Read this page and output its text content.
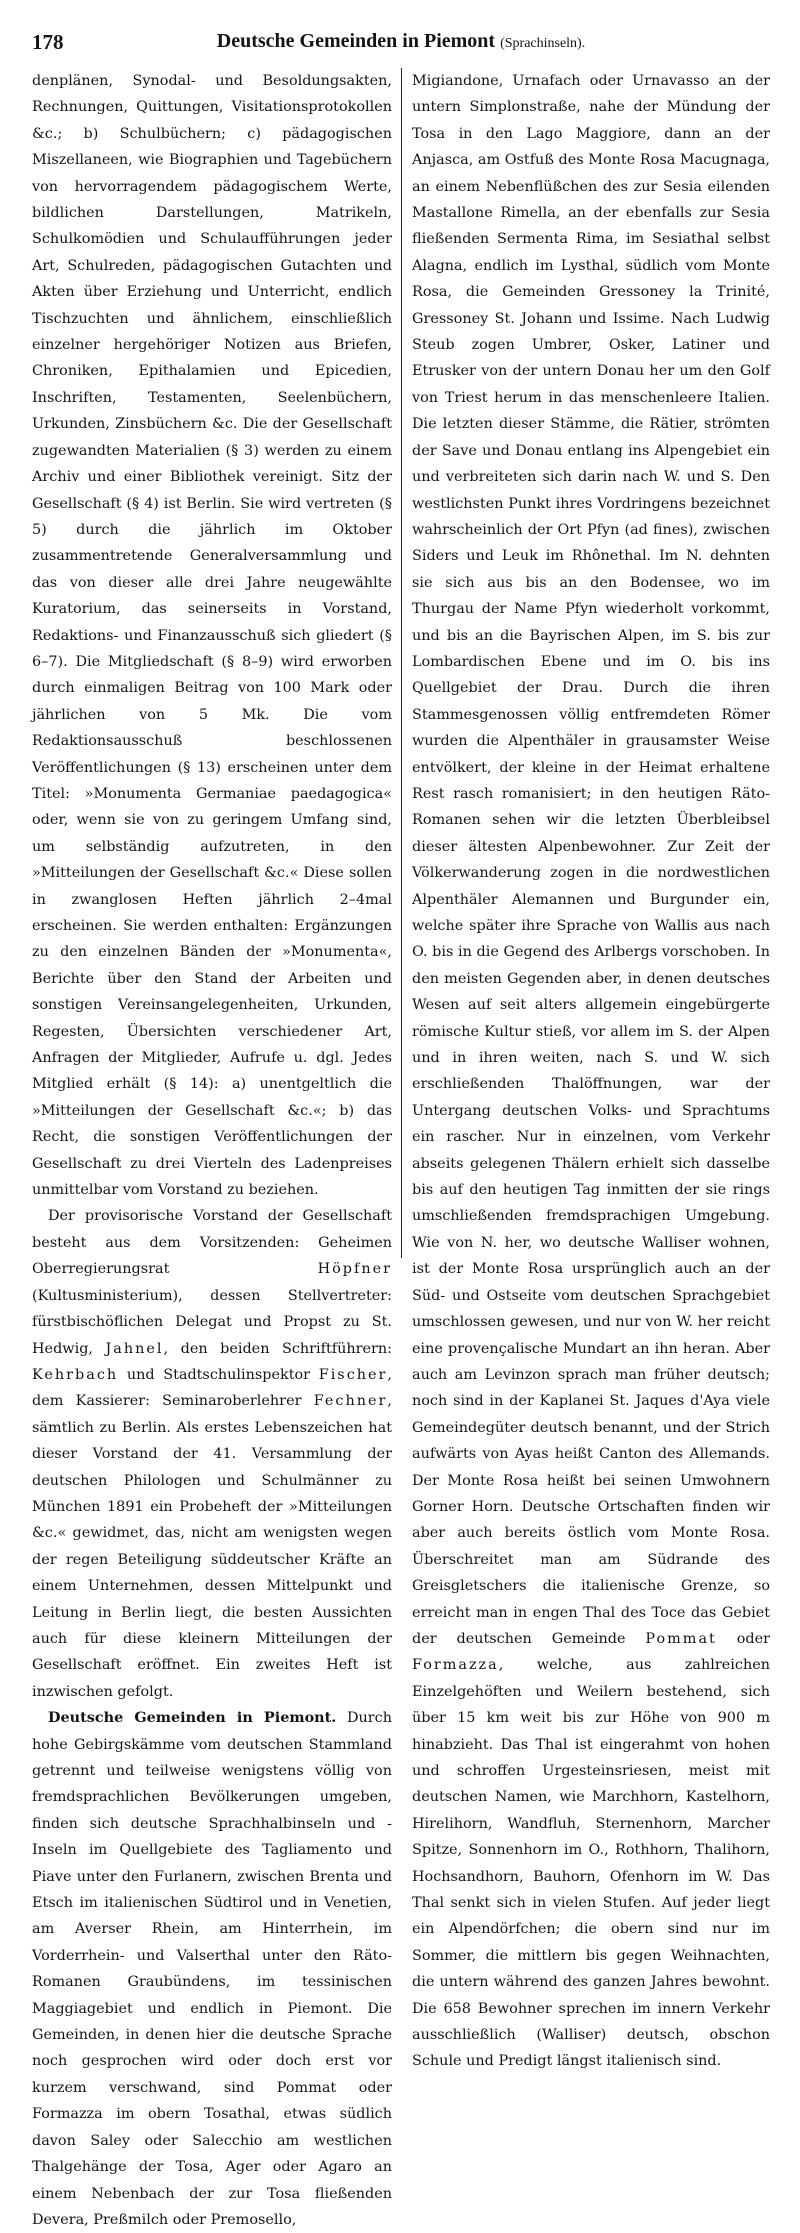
178	Deutsche Gemeinden in Piemont (Sprachinseln).

denplänen, Synodal- und Besoldungsakten, Rechnungen, Quittungen, Visitationsprotokollen &c.; b) Schulbüchern; c) pädagogischen Miszellaneen, wie Biographien und Tagebüchern von hervorragendem pädagogischem Werte, bildlichen Darstellungen, Matrikeln, Schulkomödien und Schulaufführungen jeder Art, Schulreden, pädagogischen Gutachten und Akten über Erziehung und Unterricht, endlich Tischzuchten und ähnlichem, einschließlich einzelner hergehöriger Notizen aus Briefen, Chroniken, Epithalamien und Epicedien, Inschriften, Testamenten, Seelenbüchern, Urkunden, Zinsbüchern &c. Die der Gesellschaft zugewandten Materialien (§ 3) werden zu einem Archiv und einer Bibliothek vereinigt. Sitz der Gesellschaft (§ 4) ist Berlin. Sie wird vertreten (§ 5) durch die jährlich im Oktober zusammentretende Generalversammlung und das von dieser alle drei Jahre neugewählte Kuratorium, das seinerseits in Vorstand, Redaktions- und Finanzausschuß sich gliedert (§ 6–7). Die Mitgliedschaft (§ 8–9) wird erworben durch einmaligen Beitrag von 100 Mark oder jährlichen von 5 Mk. Die vom Redaktionsausschuß beschlossenen Veröffentlichungen (§ 13) erscheinen unter dem Titel: »Monumenta Germaniae paedagogica« oder, wenn sie von zu geringem Umfang sind, um selbständig aufzutreten, in den »Mitteilungen der Gesellschaft &c.« Diese sollen in zwanglosen Heften jährlich 2–4mal erscheinen. Sie werden enthalten: Ergänzungen zu den einzelnen Bänden der »Monumenta«, Berichte über den Stand der Arbeiten und sonstigen Vereinsangelegenheiten, Urkunden, Regesten, Übersichten verschiedener Art, Anfragen der Mitglieder, Aufrufe u. dgl. Jedes Mitglied erhält (§ 14): a) unentgeltlich die »Mitteilungen der Gesellschaft &c.«; b) das Recht, die sonstigen Veröffentlichungen der Gesellschaft zu drei Vierteln des Ladenpreises unmittelbar vom Vorstand zu beziehen.

Der provisorische Vorstand der Gesellschaft besteht aus dem Vorsitzenden: Geheimen Oberregierungsrat Höpfner (Kultusministerium), dessen Stellvertreter: fürstbischöflichen Delegat und Propst zu St. Hedwig, Jahnel, den beiden Schriftführern: Kehrbach und Stadtschulinspektor Fischer, dem Kassierer: Seminaroberlehrer Fechner, sämtlich zu Berlin. Als erstes Lebenszeichen hat dieser Vorstand der 41. Versammlung der deutschen Philologen und Schulmänner zu München 1891 ein Probeheft der »Mitteilungen &c.« gewidmet, das, nicht am wenigsten wegen der regen Beteiligung süddeutscher Kräfte an einem Unternehmen, dessen Mittelpunkt und Leitung in Berlin liegt, die besten Aussichten auch für diese kleinern Mitteilungen der Gesellschaft eröffnet. Ein zweites Heft ist inzwischen gefolgt.

Deutsche Gemeinden in Piemont. Durch hohe Gebirgskämme vom deutschen Stammland getrennt und teilweise wenigstens völlig von fremdsprachlichen Bevölkerungen umgeben, finden sich deutsche Sprachhalbinseln und -Inseln im Quellgebiete des Tagliamento und Piave unter den Furlanern, zwischen Brenta und Etsch im italienischen Südtirol und in Venetien, am Averser Rhein, am Hinterrhein, im Vorderrhein- und Valserthal unter den Räto-Romanen Graubündens, im tessinischen Maggiagebiet und endlich in Piemont. Die Gemeinden, in denen hier die deutsche Sprache noch gesprochen wird oder doch erst vor kurzem verschwand, sind Pommat oder Formazza im obern Tosathal, etwas südlich davon Saley oder Salecchio am westlichen Thalgehänge der Tosa, Ager oder Agaro an einem Nebenbach der zur Tosa fließenden Devera, Preßmilch oder Premosello,

Migiandone, Urnafach oder Urnavasso an der untern Simplonstraße, nahe der Mündung der Tosa in den Lago Maggiore, dann an der Anjasca, am Ostfuß des Monte Rosa Macugnaga, an einem Nebenflüßchen des zur Sesia eilenden Mastallone Rimella, an der ebenfalls zur Sesia fließenden Sermenta Rima, im Sesiathal selbst Alagna, endlich im Lysthal, südlich vom Monte Rosa, die Gemeinden Gressoney la Trinité, Gressoney St. Johann und Issime. Nach Ludwig Steub zogen Umbrer, Osker, Latiner und Etrusker von der untern Donau her um den Golf von Triest herum in das menschenleere Italien. Die letzten dieser Stämme, die Rätier, strömten der Save und Donau entlang ins Alpengebiet ein und verbreiteten sich darin nach W. und S. Den westlichsten Punkt ihres Vordringens bezeichnet wahrscheinlich der Ort Pfyn (ad fines), zwischen Siders und Leuk im Rhônethal. Im N. dehnten sie sich aus bis an den Bodensee, wo im Thurgau der Name Pfyn wiederholt vorkommt, und bis an die Bayrischen Alpen, im S. bis zur Lombardischen Ebene und im O. bis ins Quellgebiet der Drau. Durch die ihren Stammesgenossen völlig entfremdeten Römer wurden die Alpenthäler in grausamster Weise entvölkert, der kleine in der Heimat erhaltene Rest rasch romanisiert; in den heutigen Räto-Romanen sehen wir die letzten Überbleibsel dieser ältesten Alpenbewohner. Zur Zeit der Völkerwanderung zogen in die nordwestlichen Alpenthäler Alemannen und Burgunder ein, welche später ihre Sprache von Wallis aus nach O. bis in die Gegend des Arlbergs vorschoben. In den meisten Gegenden aber, in denen deutsches Wesen auf seit alters allgemein eingebürgerte römische Kultur stieß, vor allem im S. der Alpen und in ihren weiten, nach S. und W. sich erschließenden Thalöffnungen, war der Untergang deutschen Volks- und Sprachtums ein rascher. Nur in einzelnen, vom Verkehr abseits gelegenen Thälern erhielt sich dasselbe bis auf den heutigen Tag inmitten der sie rings umschließenden fremdsprachigen Umgebung. Wie von N. her, wo deutsche Walliser wohnen, ist der Monte Rosa ursprünglich auch an der Süd- und Ostseite vom deutschen Sprachgebiet umschlossen gewesen, und nur von W. her reicht eine provençalische Mundart an ihn heran. Aber auch am Levinzon sprach man früher deutsch; noch sind in der Kaplanei St. Jaques d'Aya viele Gemeindegüter deutsch benannt, und der Strich aufwärts von Ayas heißt Canton des Allemands. Der Monte Rosa heißt bei seinen Umwohnern Gorner Horn. Deutsche Ortschaften finden wir aber auch bereits östlich vom Monte Rosa. Überschreitet man am Südrande des Greisgletschers die italienische Grenze, so erreicht man in engen Thal des Toce das Gebiet der deutschen Gemeinde Pommat oder Formazza, welche, aus zahlreichen Einzelgehöften und Weilern bestehend, sich über 15 km weit bis zur Höhe von 900 m hinabzieht. Das Thal ist eingerahmt von hohen und schroffen Urgesteinsriesen, meist mit deutschen Namen, wie Marchhorn, Kastelhorn, Hirelihorn, Wandfluh, Sternenhorn, Marcher Spitze, Sonnenhorn im O., Rothhorn, Thalihorn, Hochsandhorn, Bauhorn, Ofenhorn im W. Das Thal senkt sich in vielen Stufen. Auf jeder liegt ein Alpendörfchen; die obern sind nur im Sommer, die mittlern bis gegen Weihnachten, die untern während des ganzen Jahres bewohnt. Die 658 Bewohner sprechen im innern Verkehr ausschließlich (Walliser) deutsch, obschon Schule und Predigt längst italienisch sind.
